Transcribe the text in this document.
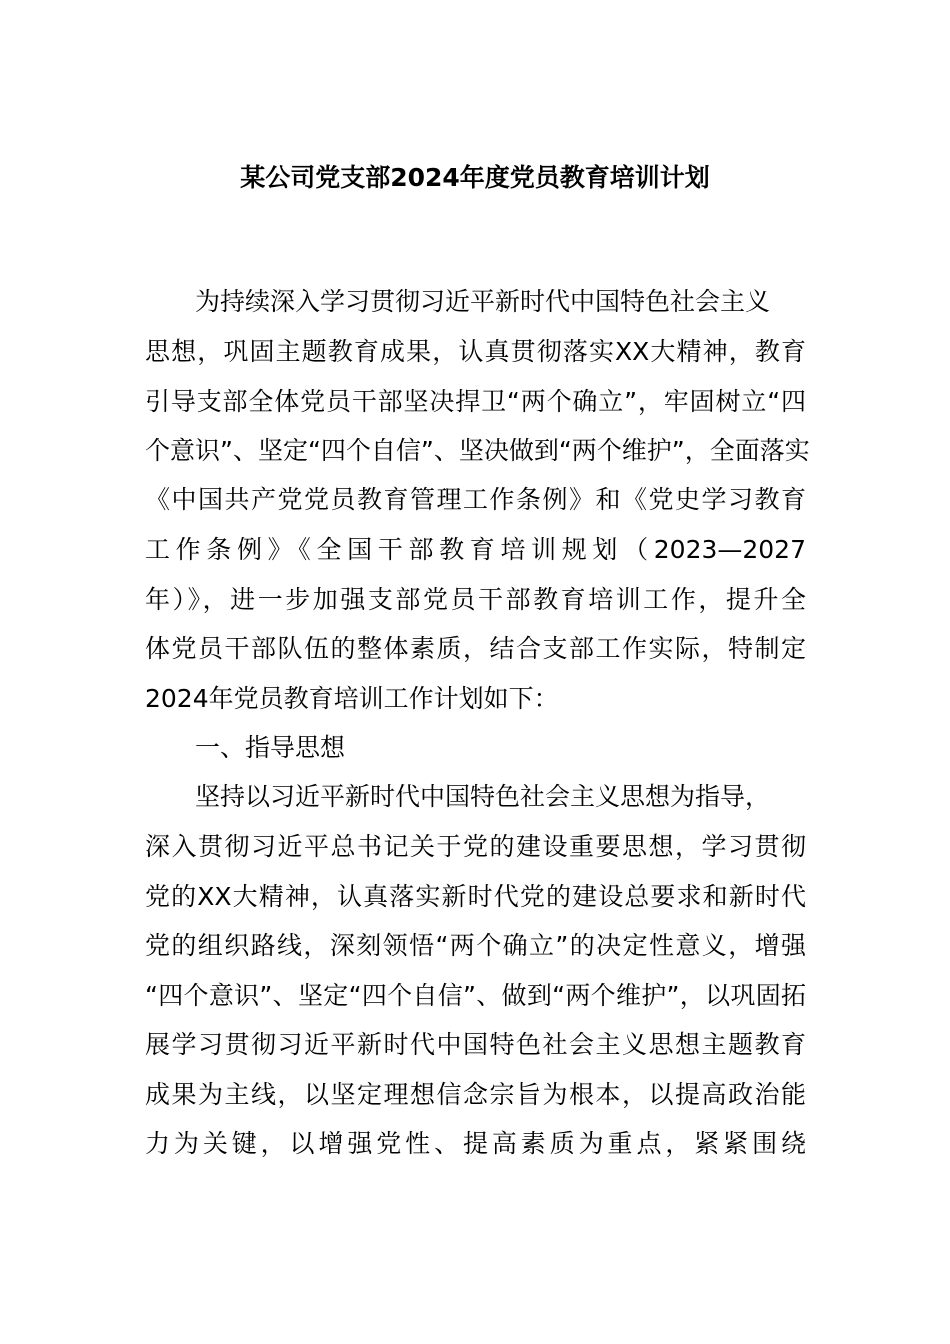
某公司党支部2024年度党员教育培训计划
为持续深入学习贯彻习近平新时代中国特色社会主义
思想，巩固主题教育成果，认真贯彻落实XX大精神，教育
引导支部全体党员干部坚决捍卫“两个确立”，牢固树立“四
个意识”、坚定“四个自信”、坚决做到“两个维护”，全面落实
《中国共产党党员教育管理工作条例》和《党史学习教育
工作条例》《全国干部教育培训规划（2023—2027
年）》，进一步加强支部党员干部教育培训工作，提升全
体党员干部队伍的整体素质，结合支部工作实际，特制定
2024年党员教育培训工作计划如下：
一、指导思想
坚持以习近平新时代中国特色社会主义思想为指导，
深入贯彻习近平总书记关于党的建设重要思想，学习贯彻
党的XX大精神，认真落实新时代党的建设总要求和新时代
党的组织路线，深刻领悟“两个确立”的决定性意义，增强
“四个意识”、坚定“四个自信”、做到“两个维护”，以巩固拓
展学习贯彻习近平新时代中国特色社会主义思想主题教育
成果为主线，以坚定理想信念宗旨为根本，以提高政治能
力为关键，以增强党性、提高素质为重点，紧紧围绕
